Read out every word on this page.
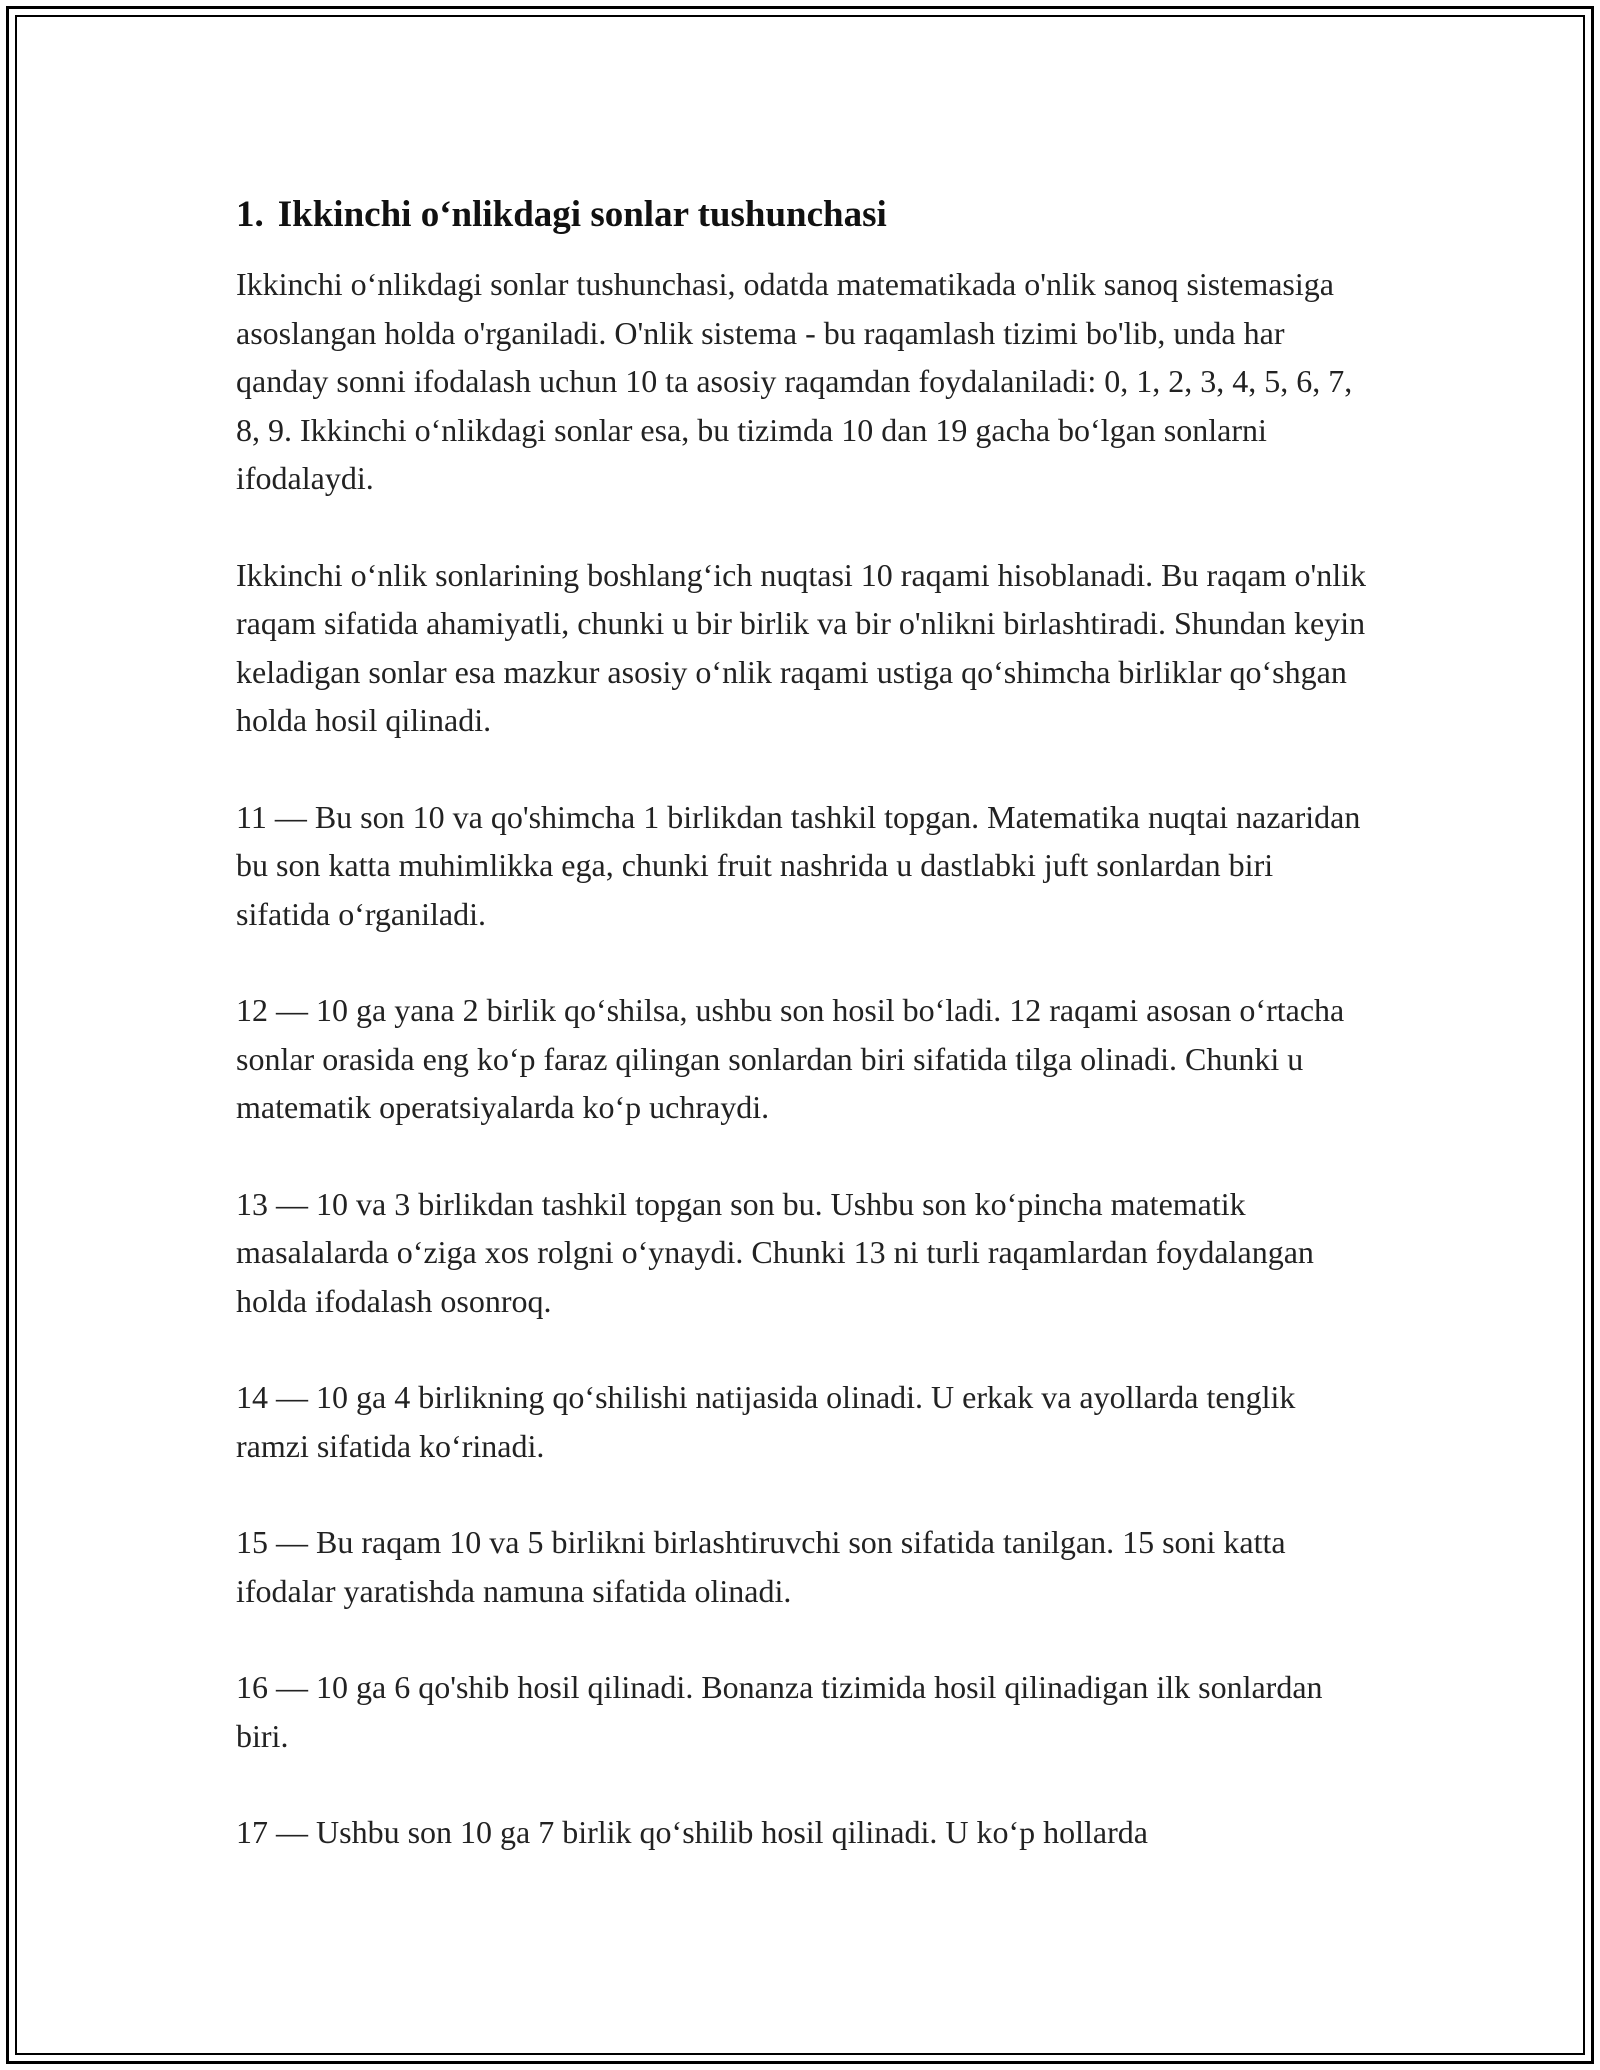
1. Ikkinchi o‘nlikdagi sonlar tushunchasi

Ikkinchi o‘nlikdagi sonlar tushunchasi, odatda matematikada o'nlik sanoq sistemasiga asoslangan holda o'rganiladi. O'nlik sistema - bu raqamlash tizimi bo'lib, unda har qanday sonni ifodalash uchun 10 ta asosiy raqamdan foydalaniladi: 0, 1, 2, 3, 4, 5, 6, 7, 8, 9. Ikkinchi o‘nlikdagi sonlar esa, bu tizimda 10 dan 19 gacha bo‘lgan sonlarni ifodalaydi.

Ikkinchi o‘nlik sonlarining boshlang‘ich nuqtasi 10 raqami hisoblanadi. Bu raqam o'nlik raqam sifatida ahamiyatli, chunki u bir birlik va bir o'nlikni birlashtiradi. Shundan keyin keladigan sonlar esa mazkur asosiy o‘nlik raqami ustiga qo‘shimcha birliklar qo‘shgan holda hosil qilinadi.

11 — Bu son 10 va qo'shimcha 1 birlikdan tashkil topgan. Matematika nuqtai nazaridan bu son katta muhimlikka ega, chunki fruit nashrida u dastlabki juft sonlardan biri sifatida o‘rganiladi.

12 — 10 ga yana 2 birlik qo‘shilsa, ushbu son hosil bo‘ladi. 12 raqami asosan o‘rtacha sonlar orasida eng ko‘p faraz qilingan sonlardan biri sifatida tilga olinadi. Chunki u matematik operatsiyalarda ko‘p uchraydi.

13 — 10 va 3 birlikdan tashkil topgan son bu. Ushbu son ko‘pincha matematik masalalarda o‘ziga xos rolgni o‘ynaydi. Chunki 13 ni turli raqamlardan foydalangan holda ifodalash osonroq.

14 — 10 ga 4 birlikning qo‘shilishi natijasida olinadi. U erkak va ayollarda tenglik ramzi sifatida ko‘rinadi.

15 — Bu raqam 10 va 5 birlikni birlashtiruvchi son sifatida tanilgan. 15 soni katta ifodalar yaratishda namuna sifatida olinadi.

16 — 10 ga 6 qo'shib hosil qilinadi. Bonanza tizimida hosil qilinadigan ilk sonlardan biri.

17 — Ushbu son 10 ga 7 birlik qo‘shilib hosil qilinadi. U ko‘p hollarda
